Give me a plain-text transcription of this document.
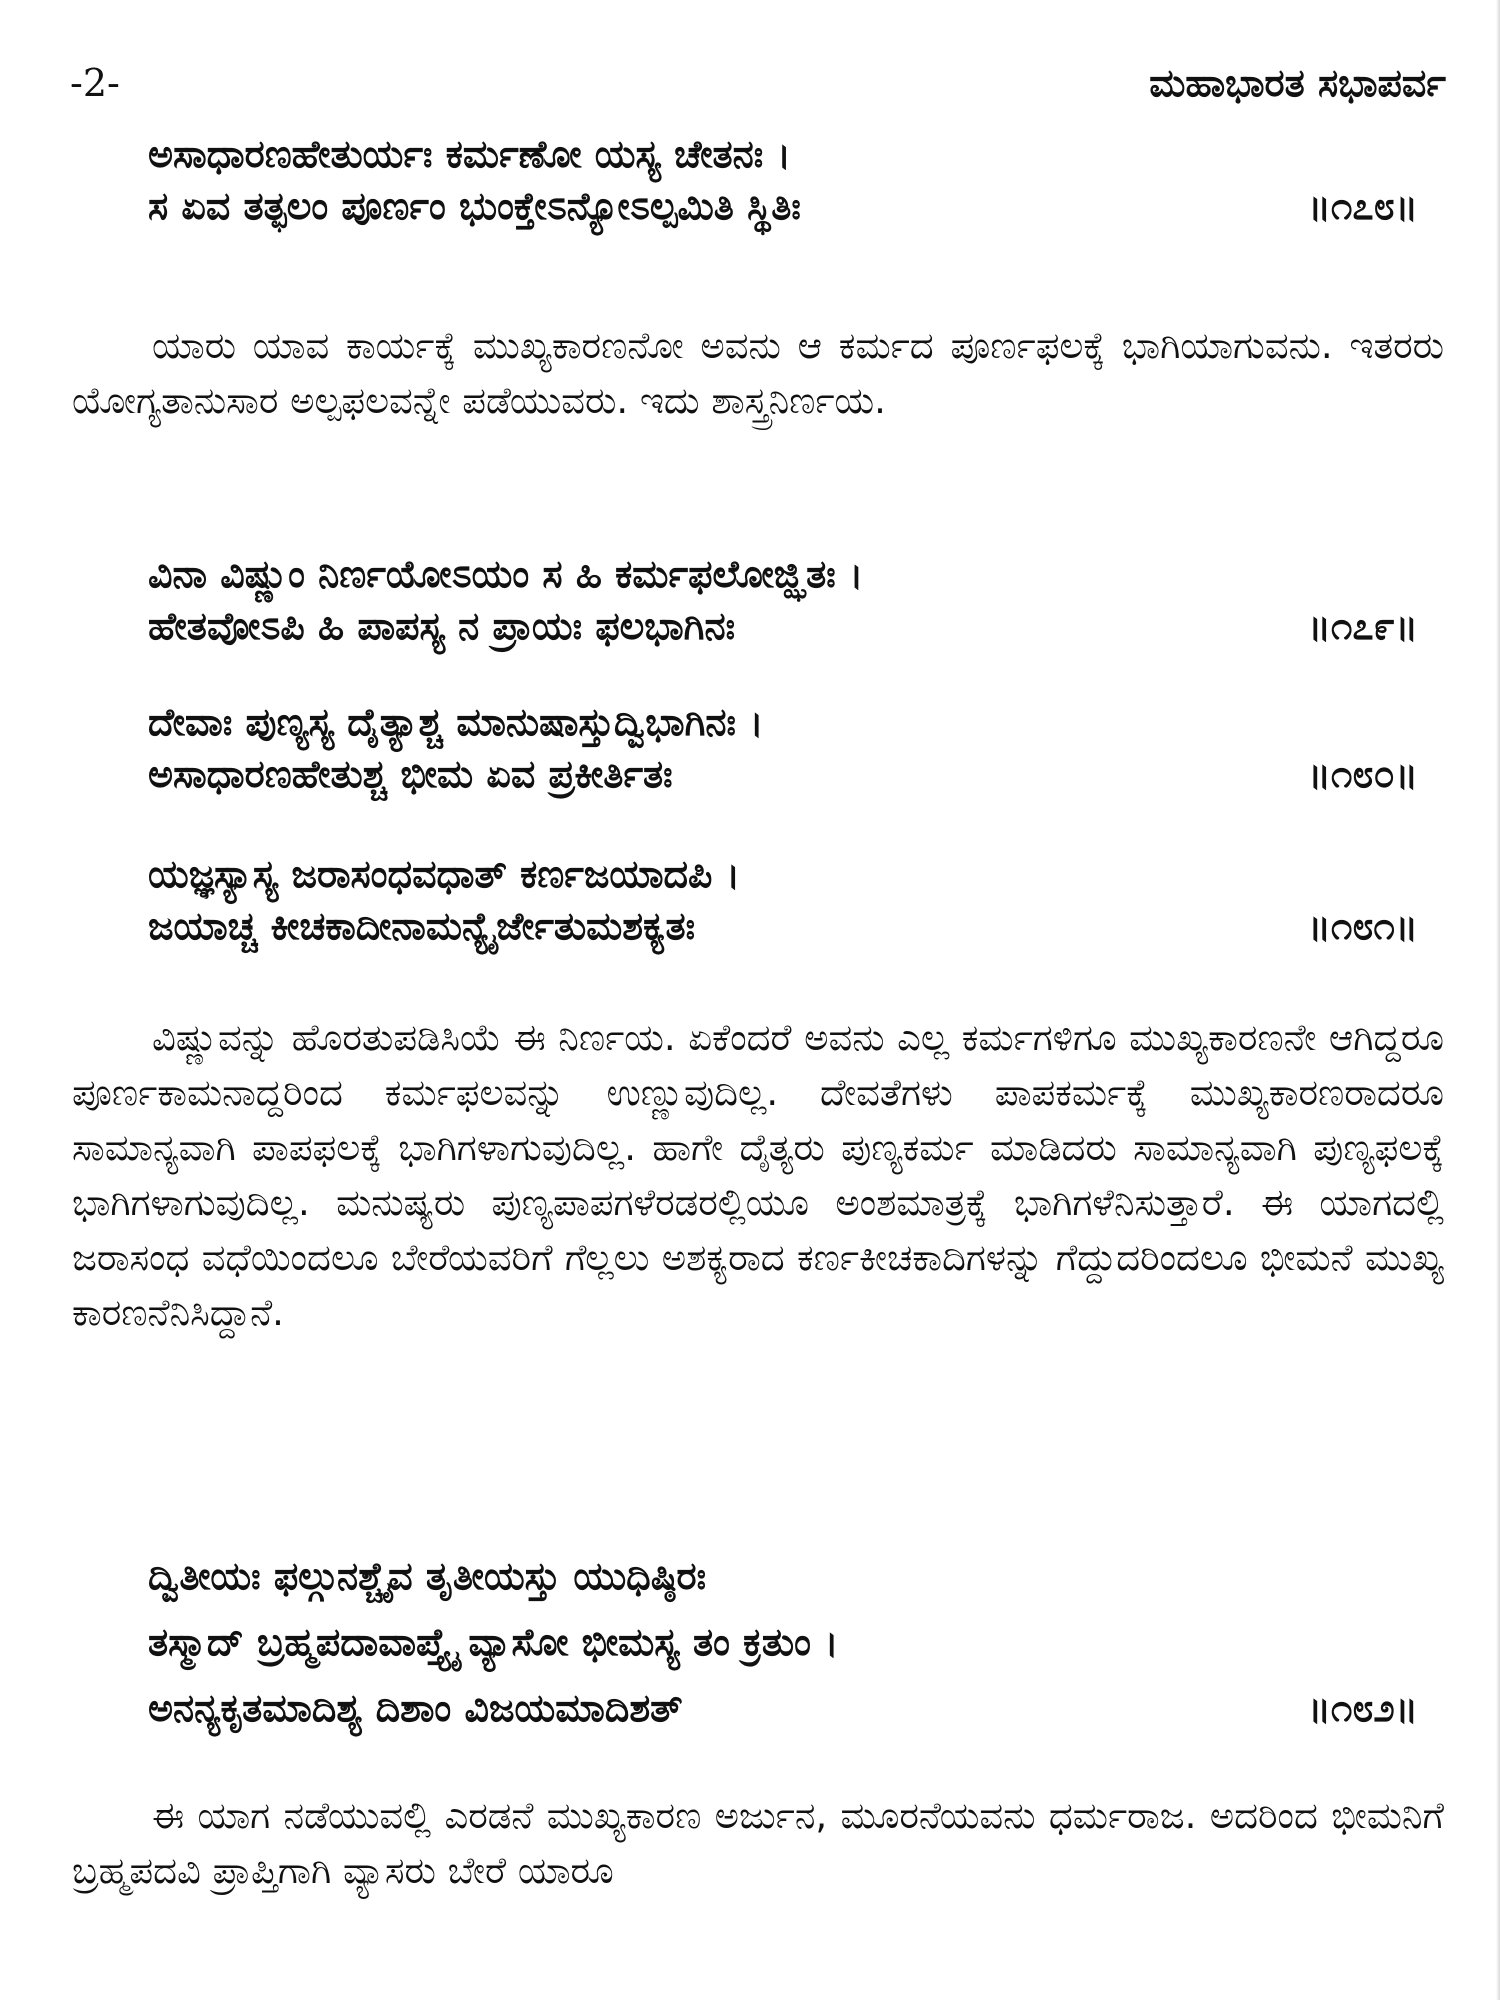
-2-	ಮಹಾಭಾರತ ಸಭಾಪರ್ವ
ಅಸಾಧಾರಣಹೇತುರ್ಯಃ ಕರ್ಮಣೋ ಯಸ್ಯ ಚೇತನಃ ।
ಸ ಏವ ತತ್ಫಲಂ ಪೂರ್ಣಂ ಭುಂಕ್ತೇಽನ್ಯೋಽಲ್ಪಮಿತಿ ಸ್ಥಿತಿಃ	॥೧೭೮॥

ಯಾರು ಯಾವ ಕಾರ್ಯಕ್ಕೆ ಮುಖ್ಯಕಾರಣನೋ ಅವನು ಆ ಕರ್ಮದ ಪೂರ್ಣಫಲಕ್ಕೆ ಭಾಗಿಯಾಗುವನು. ಇತರರು ಯೋಗ್ಯತಾನುಸಾರ ಅಲ್ಪಫಲವನ್ನೇ ಪಡೆಯುವರು. ಇದು ಶಾಸ್ತ್ರನಿರ್ಣಯ.

ವಿನಾ ವಿಷ್ಣುಂ ನಿರ್ಣಯೋಽಯಂ ಸ ಹಿ ಕರ್ಮಫಲೋಜ್ಝಿತಃ ।
ಹೇತವೋಽಪಿ ಹಿ ಪಾಪಸ್ಯ ನ ಪ್ರಾಯಃ ಫಲಭಾಗಿನಃ	॥೧೭೯॥
ದೇವಾಃ ಪುಣ್ಯಸ್ಯ ದೈತ್ಯಾಶ್ಚ ಮಾನುಷಾಸ್ತುದ್ವಿಭಾಗಿನಃ ।
ಅಸಾಧಾರಣಹೇತುಶ್ಚ ಭೀಮ ಏವ ಪ್ರಕೀರ್ತಿತಃ	॥೧೮೦॥
ಯಜ್ಞಸ್ಯಾಸ್ಯ ಜರಾಸಂಧವಧಾತ್ ಕರ್ಣಜಯಾದಪಿ ।
ಜಯಾಚ್ಚ ಕೀಚಕಾದೀನಾಮನ್ಯೈರ್ಜೇತುಮಶಕ್ಯತಃ	॥೧೮೧॥

ವಿಷ್ಣುವನ್ನು ಹೊರತುಪಡಿಸಿಯೆ ಈ ನಿರ್ಣಯ. ಏಕೆಂದರೆ ಅವನು ಎಲ್ಲ ಕರ್ಮಗಳಿಗೂ ಮುಖ್ಯಕಾರಣನೇ ಆಗಿದ್ದರೂ ಪೂರ್ಣಕಾಮನಾದ್ದರಿಂದ ಕರ್ಮಫಲವನ್ನು ಉಣ್ಣುವುದಿಲ್ಲ. ದೇವತೆಗಳು ಪಾಪಕರ್ಮಕ್ಕೆ ಮುಖ್ಯಕಾರಣರಾದರೂ ಸಾಮಾನ್ಯವಾಗಿ ಪಾಪಫಲಕ್ಕೆ ಭಾಗಿಗಳಾಗುವುದಿಲ್ಲ. ಹಾಗೇ ದೈತ್ಯರು ಪುಣ್ಯಕರ್ಮ ಮಾಡಿದರು ಸಾಮಾನ್ಯವಾಗಿ ಪುಣ್ಯಫಲಕ್ಕೆ ಭಾಗಿಗಳಾಗುವುದಿಲ್ಲ. ಮನುಷ್ಯರು ಪುಣ್ಯಪಾಪಗಳೆರಡರಲ್ಲಿಯೂ ಅಂಶಮಾತ್ರಕ್ಕೆ ಭಾಗಿಗಳೆನಿಸುತ್ತಾರೆ. ಈ ಯಾಗದಲ್ಲಿ ಜರಾಸಂಧ ವಧೆಯಿಂದಲೂ ಬೇರೆಯವರಿಗೆ ಗೆಲ್ಲಲು ಅಶಕ್ಯರಾದ ಕರ್ಣಕೀಚಕಾದಿಗಳನ್ನು ಗೆದ್ದುದರಿಂದಲೂ ಭೀಮನೆ ಮುಖ್ಯ ಕಾರಣನೆನಿಸಿದ್ದಾನೆ.

ದ್ವಿತೀಯಃ ಫಲ್ಗುನಶ್ಚೈವ ತೃತೀಯಸ್ತು ಯುಧಿಷ್ಠಿರಃ
ತಸ್ಮಾದ್ ಬ್ರಹ್ಮಪದಾವಾಪ್ತ್ಯೈ ವ್ಯಾಸೋ ಭೀಮಸ್ಯ ತಂ ಕ್ರತುಂ ।
ಅನನ್ಯಕೃತಮಾದಿಶ್ಯ ದಿಶಾಂ ವಿಜಯಮಾದಿಶತ್	॥೧೮೨॥

ಈ ಯಾಗ ನಡೆಯುವಲ್ಲಿ ಎರಡನೆ ಮುಖ್ಯಕಾರಣ ಅರ್ಜುನ, ಮೂರನೆಯವನು ಧರ್ಮರಾಜ. ಅದರಿಂದ ಭೀಮನಿಗೆ ಬ್ರಹ್ಮಪದವಿ ಪ್ರಾಪ್ತಿಗಾಗಿ ವ್ಯಾಸರು ಬೇರೆ ಯಾರೂ
